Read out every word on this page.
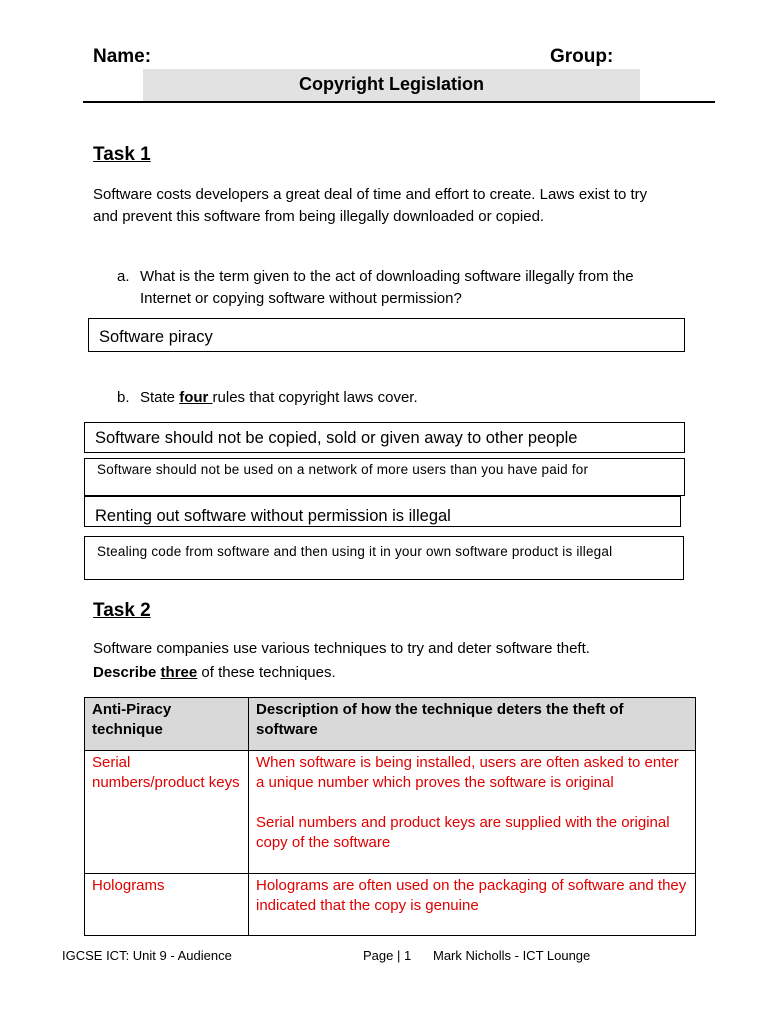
Name:	Group:
Copyright Legislation
Task 1
Software costs developers a great deal of time and effort to create. Laws exist to try
and prevent this software from being illegally downloaded or copied.
a. What is the term given to the act of downloading software illegally from the
Internet or copying software without permission?
Software piracy
b. State four rules that copyright laws cover.
Software should not be copied, sold or given away to other people
Software should not be used on a network of more users than you have paid for
Renting out software without permission is illegal
Stealing code from software and then using it in your own software product is illegal
Task 2
Software companies use various techniques to try and deter software theft.
Describe three of these techniques.
Anti-Piracy technique	Description of how the technique deters the theft of software
Serial numbers/product keys	When software is being installed, users are often asked to enter a unique number which proves the software is original
Serial numbers and product keys are supplied with the original copy of the software

Holograms	Holograms are often used on the packaging of software and they indicated that the copy is genuine
IGCSE ICT: Unit 9 - Audience	Page | 1 Mark Nicholls - ICT Lounge
